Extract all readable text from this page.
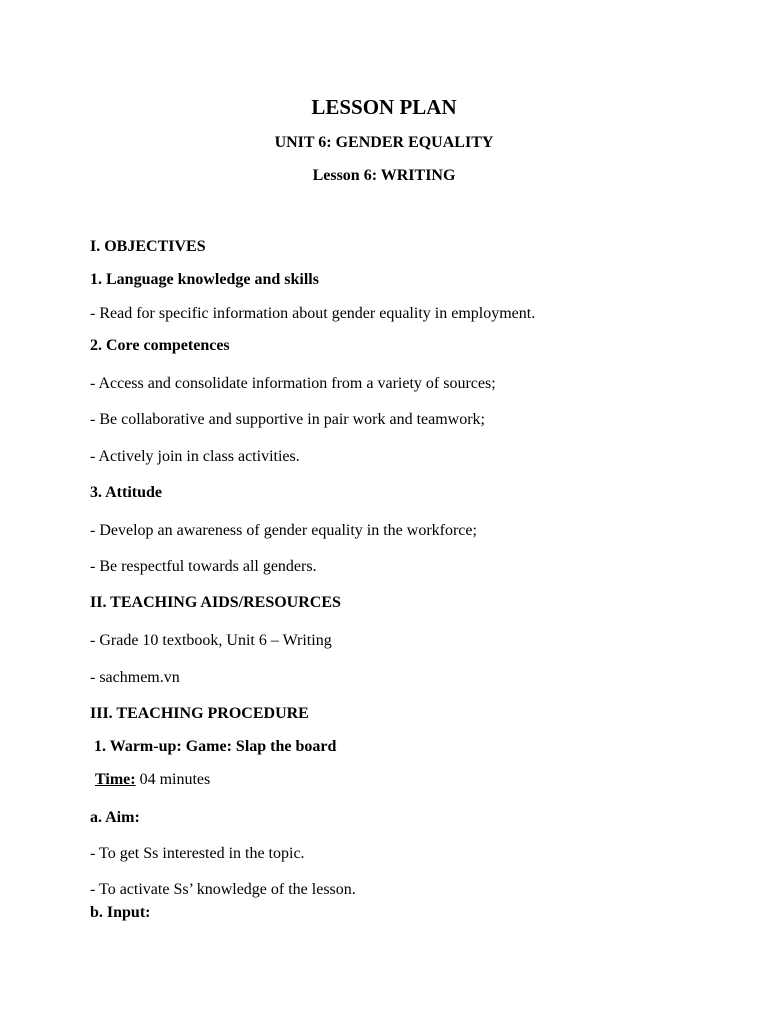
LESSON PLAN
UNIT 6: GENDER EQUALITY
Lesson 6: WRITING
I. OBJECTIVES
1. Language knowledge and skills
- Read for specific information about gender equality in employment.
2. Core competences
- Access and consolidate information from a variety of sources;
- Be collaborative and supportive in pair work and teamwork;
- Actively join in class activities.
3. Attitude
- Develop an awareness of gender equality in the workforce;
- Be respectful towards all genders.
II. TEACHING AIDS/RESOURCES
- Grade 10 textbook, Unit 6 – Writing
- sachmem.vn
III. TEACHING PROCEDURE
1. Warm-up: Game: Slap the board
Time: 04 minutes
a. Aim:
- To get Ss interested in the topic.
- To activate Ss’ knowledge of the lesson.
b. Input:
